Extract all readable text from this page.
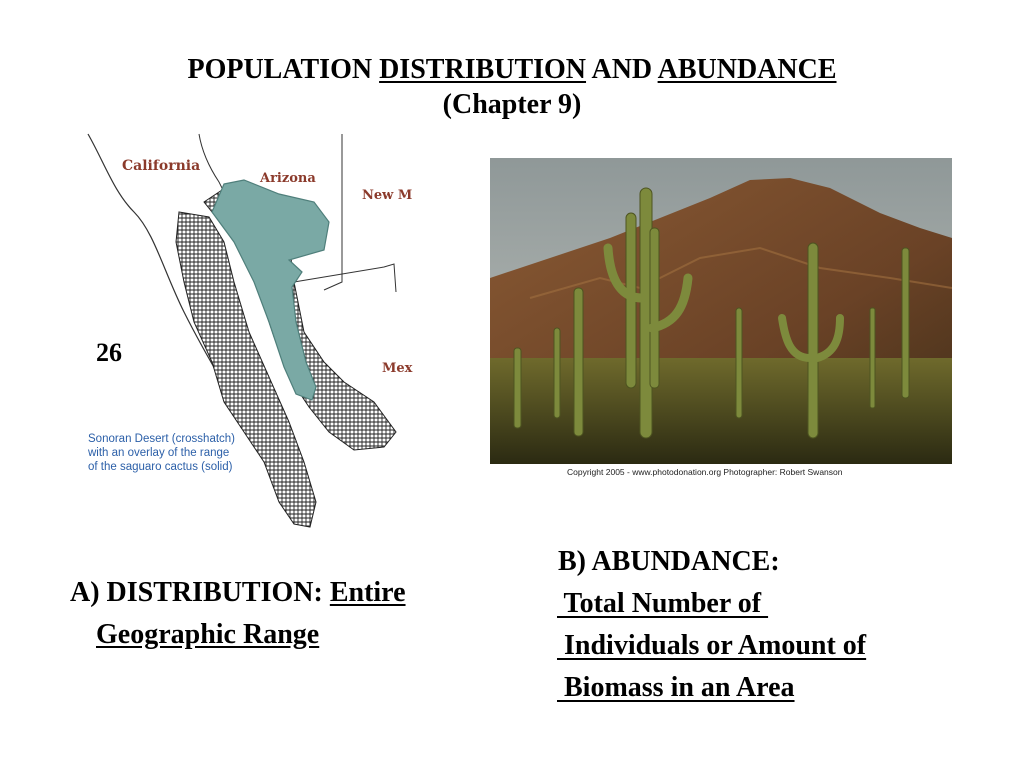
POPULATION DISTRIBUTION AND ABUNDANCE
(Chapter 9)
California
Arizona
New M
Mex
Sonoran Desert (crosshatch)
with an overlay of the range
of the saguaro cactus (solid)
26
Copyright 2005 - www.photodonation.org Photographer: Robert Swanson
A) DISTRIBUTION: Entire
Geographic Range
B) ABUNDANCE:
Total Number of
Individuals or Amount of
Biomass in an Area
